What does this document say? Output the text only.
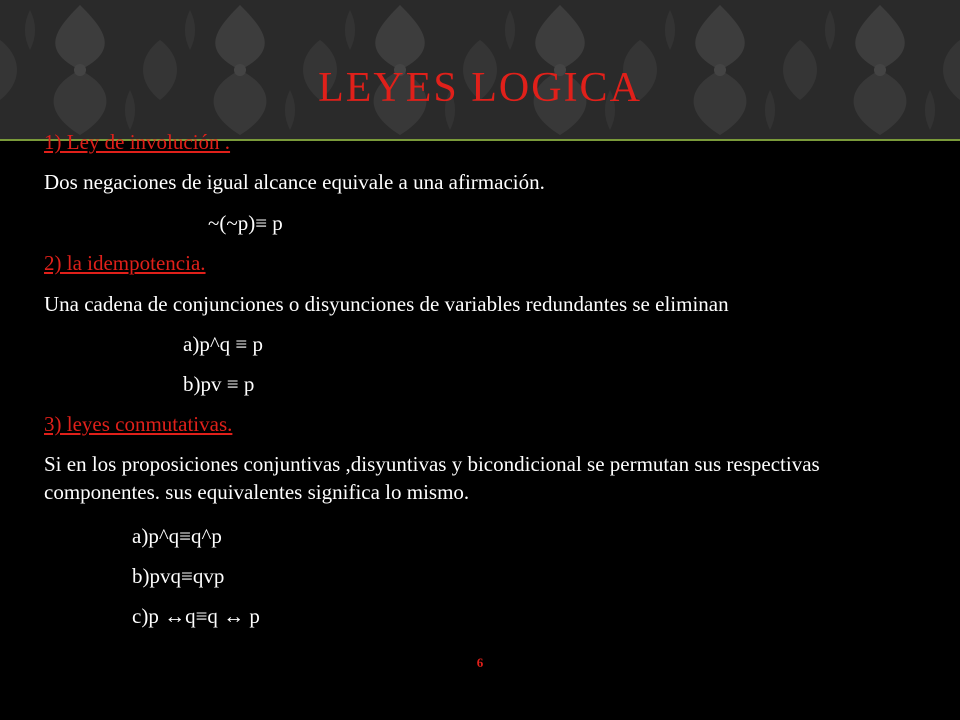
LEYES LOGICA
1) Ley de involución .
Dos negaciones de igual alcance equivale a una afirmación.
~(~p)≡ p
2) la idempotencia.
Una cadena de conjunciones o disyunciones de variables redundantes se eliminan
a)p^q ≡ p
b)pv ≡ p
3) leyes conmutativas.
Si en los proposiciones conjuntivas ,disyuntivas y bicondicional se permutan sus respectivas componentes. sus equivalentes significa lo mismo.
a)p^q≡q^p
b)pvq≡qvp
c)p ↔q≡q ↔ p
6
